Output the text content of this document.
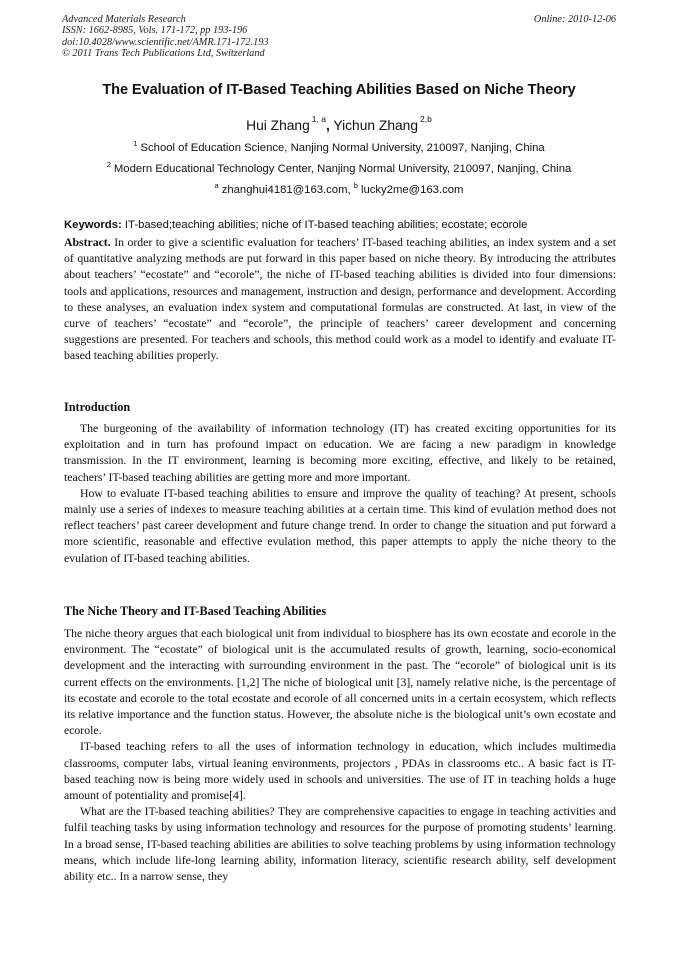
Advanced Materials Research
ISSN: 1662-8985, Vols. 171-172, pp 193-196
doi:10.4028/www.scientific.net/AMR.171-172.193
© 2011 Trans Tech Publications Ltd, Switzerland
Online: 2010-12-06
The Evaluation of IT-Based Teaching Abilities Based on Niche Theory
Hui Zhang $^{1, a}$, Yichun Zhang $^{2,b}$
$^1$ School of Education Science, Nanjing Normal University, 210097, Nanjing, China
$^2$ Modern Educational Technology Center, Nanjing Normal University, 210097, Nanjing, China
$^a$ zhanghui4181@163.com, $^b$ lucky2me@163.com
Keywords: IT-based;teaching abilities; niche of IT-based teaching abilities; ecostate; ecorole

Abstract. In order to give a scientific evaluation for teachers’ IT-based teaching abilities, an index system and a set of quantitative analyzing methods are put forward in this paper based on niche theory. By introducing the attributes about teachers’ “ecostate” and “ecorole”, the niche of IT-based teaching abilities is divided into four dimensions: tools and applications, resources and management, instruction and design, performance and development. According to these analyses, an evaluation index system and computational formulas are constructed. At last, in view of the curve of teachers’ “ecostate” and “ecorole”, the principle of teachers’ career development and concerning suggestions are presented. For teachers and schools, this method could work as a model to identify and evaluate IT-based teaching abilities properly.

Introduction

The burgeoning of the availability of information technology (IT) has created exciting opportunities for its exploitation and in turn has profound impact on education. We are facing a new paradigm in knowledge transmission. In the IT environment, learning is becoming more exciting, effective, and likely to be retained, teachers’ IT-based teaching abilities are getting more and more important.

How to evaluate IT-based teaching abilities to ensure and improve the quality of teaching? At present, schools mainly use a series of indexes to measure teaching abilities at a certain time. This kind of evulation method does not reflect teachers’ past career development and future change trend. In order to change the situation and put forward a more scientific, reasonable and effective evulation method, this paper attempts to apply the niche theory to the evulation of IT-based teaching abilities.

The Niche Theory and IT-Based Teaching Abilities

The niche theory argues that each biological unit from individual to biosphere has its own ecostate and ecorole in the environment. The “ecostate” of biological unit is the accumulated results of growth, learning, socio-economical development and the interacting with surrounding environment in the past. The “ecorole” of biological unit is its current effects on the environments. [1,2] The niche of biological unit [3], namely relative niche, is the percentage of its ecostate and ecorole to the total ecostate and ecorole of all concerned units in a certain ecosystem, which reflects its relative importance and the function status. However, the absolute niche is the biological unit’s own ecostate and ecorole.

IT-based teaching refers to all the uses of information technology in education, which includes multimedia classrooms, computer labs, virtual leaning environments, projectors , PDAs in classrooms etc.. A basic fact is IT-based teaching now is being more widely used in schools and universities. The use of IT in teaching holds a huge amount of potentiality and promise[4].

What are the IT-based teaching abilities? They are comprehensive capacities to engage in teaching activities and fulfil teaching tasks by using information technology and resources for the purpose of promoting students’ learning. In a broad sense, IT-based teaching abilities are abilities to solve teaching problems by using information technology means, which include life-long learning ability, information literacy, scientific research ability, self development ability etc.. In a narrow sense, they
